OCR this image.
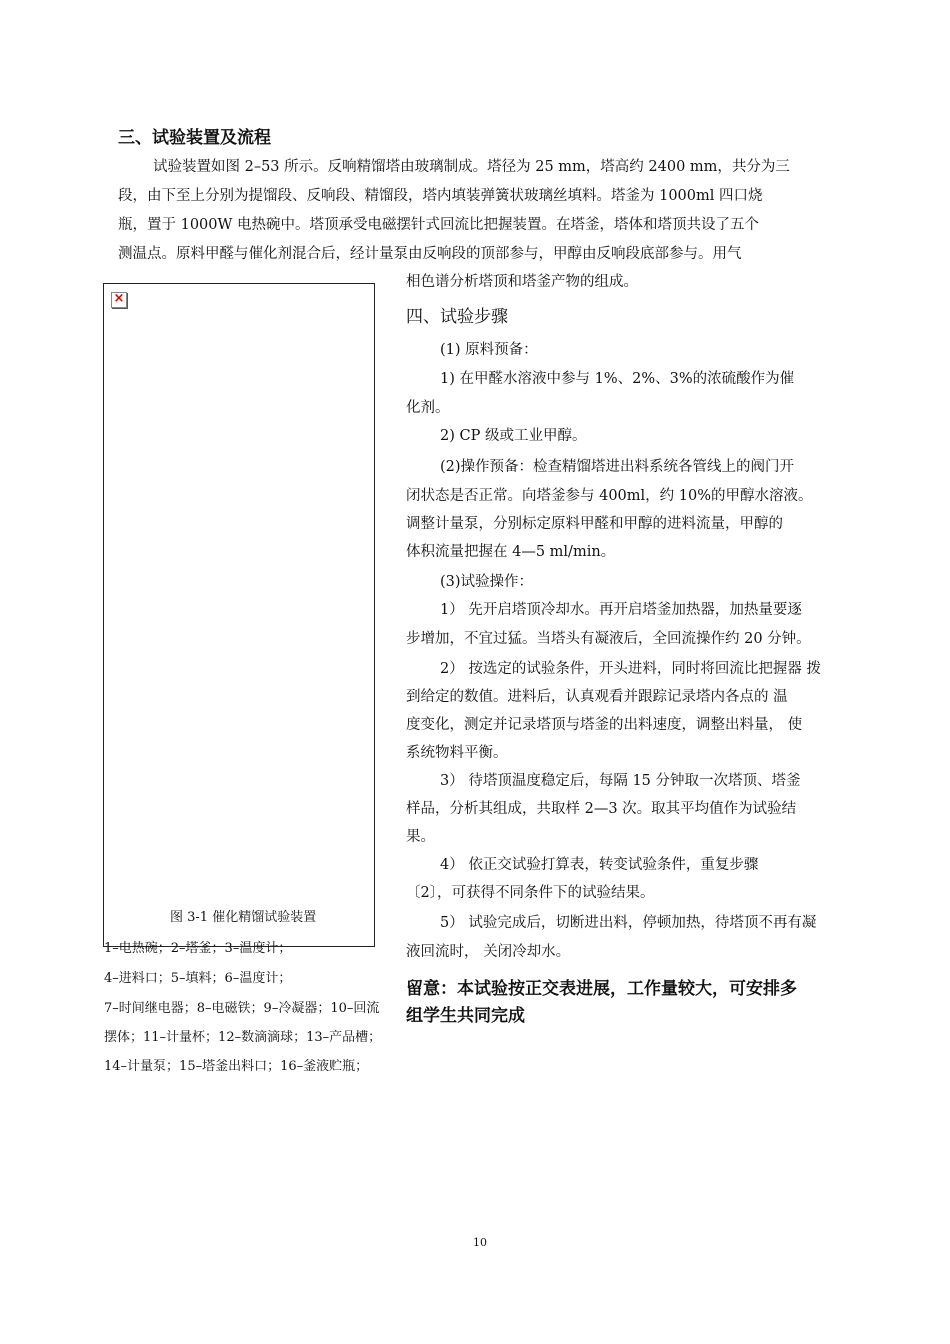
三、试验装置及流程
试验装置如图 2–53 所示。反响精馏塔由玻璃制成。塔径为 25 mm，塔高约 2400 mm，共分为三
段，由下至上分别为提馏段、反响段、精馏段，塔内填装弹簧状玻璃丝填料。塔釜为 1000ml 四口烧
瓶，置于 1000W 电热碗中。塔顶承受电磁摆针式回流比把握装置。在塔釜，塔体和塔顶共设了五个
测温点。原料甲醛与催化剂混合后，经计量泵由反响段的顶部参与，甲醇由反响段底部参与。用气
相色谱分析塔顶和塔釜产物的组成。
×
图 3-1 催化精馏试验装置
1–电热碗；2–塔釜；3–温度计；
4–进料口；5–填料；6–温度计；
7–时间继电器；8–电磁铁；9–冷凝器；10–回流
摆体；11–计量杯；12–数滴滴球；13–产品槽；
14–计量泵；15–塔釜出料口；16–釜液贮瓶；
四、试验步骤
(1) 原料预备：
1) 在甲醛水溶液中参与 1%、2%、3%的浓硫酸作为催
化剂。
2) CP 级或工业甲醇。
(2)操作预备：检查精馏塔进出料系统各管线上的阀门开
闭状态是否正常。向塔釜参与 400ml，约 10%的甲醇水溶液。
调整计量泵，分别标定原料甲醛和甲醇的进料流量，甲醇的
体积流量把握在 4—5 ml/min。
(3)试验操作：
1） 先开启塔顶冷却水。再开启塔釜加热器，加热量要逐
步增加，不宜过猛。当塔头有凝液后，全回流操作约 20 分钟。
2） 按选定的试验条件，开头进料，同时将回流比把握器 拨
到给定的数值。进料后，认真观看并跟踪记录塔内各点的 温
度变化，测定并记录塔顶与塔釜的出料速度，调整出料量， 使
系统物料平衡。
3） 待塔顶温度稳定后，每隔 15 分钟取一次塔顶、塔釜
样品，分析其组成，共取样 2—3 次。取其平均值作为试验结
果。
4） 依正交试验打算表，转变试验条件，重复步骤
〔2〕，可获得不同条件下的试验结果。
5） 试验完成后，切断进出料，停顿加热，待塔顶不再有凝
液回流时， 关闭冷却水。
留意：本试验按正交表进展，工作量较大，可安排多
组学生共同完成
10
